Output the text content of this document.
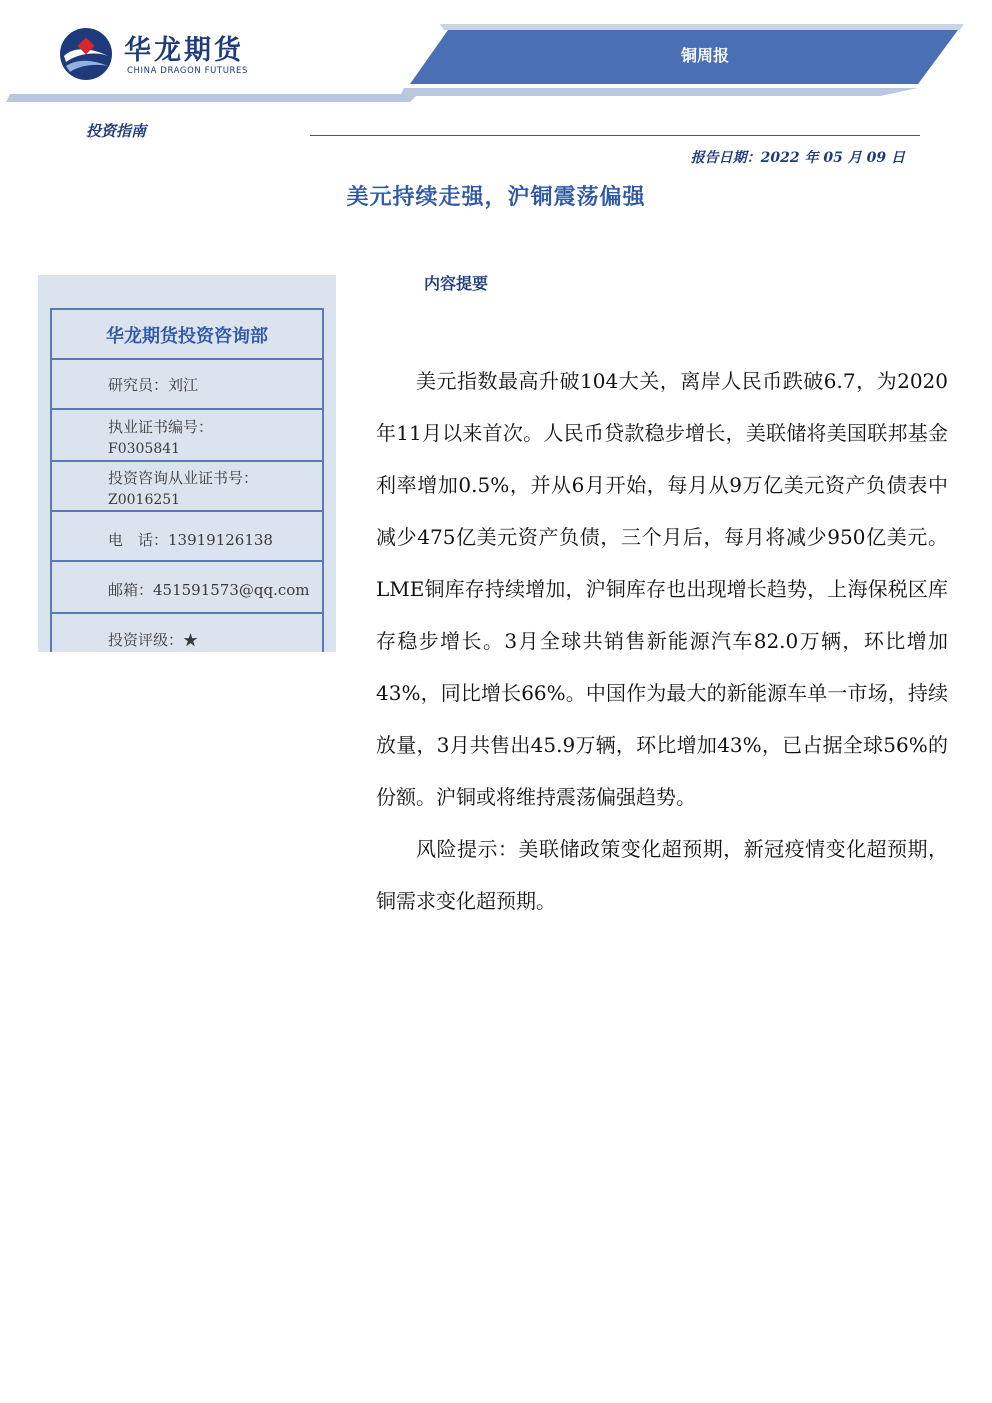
华龙期货
CHINA DRAGON FUTURES
铜周报
投资指南
报告日期：2022 年 05 月 09 日
美元持续走强，沪铜震荡偏强
华龙期货投资咨询部
研究员：刘江
执业证书编号：
F0305841
投资咨询从业证书号：
Z0016251
电　话：13919126138
邮箱：451591573@qq.com
投资评级：★
内容提要

美元指数最高升破104大关，离岸人民币跌破6.7，为2020年11月以来首次。人民币贷款稳步增长，美联储将美国联邦基金利率增加0.5%，并从6月开始，每月从9万亿美元资产负债表中减少475亿美元资产负债，三个月后，每月将减少950亿美元。LME铜库存持续增加，沪铜库存也出现增长趋势，上海保税区库存稳步增长。3月全球共销售新能源汽车82.0万辆，环比增加43%，同比增长66%。中国作为最大的新能源车单一市场，持续放量，3月共售出45.9万辆，环比增加43%，已占据全球56%的份额。沪铜或将维持震荡偏强趋势。

风险提示：美联储政策变化超预期，新冠疫情变化超预期，铜需求变化超预期。
